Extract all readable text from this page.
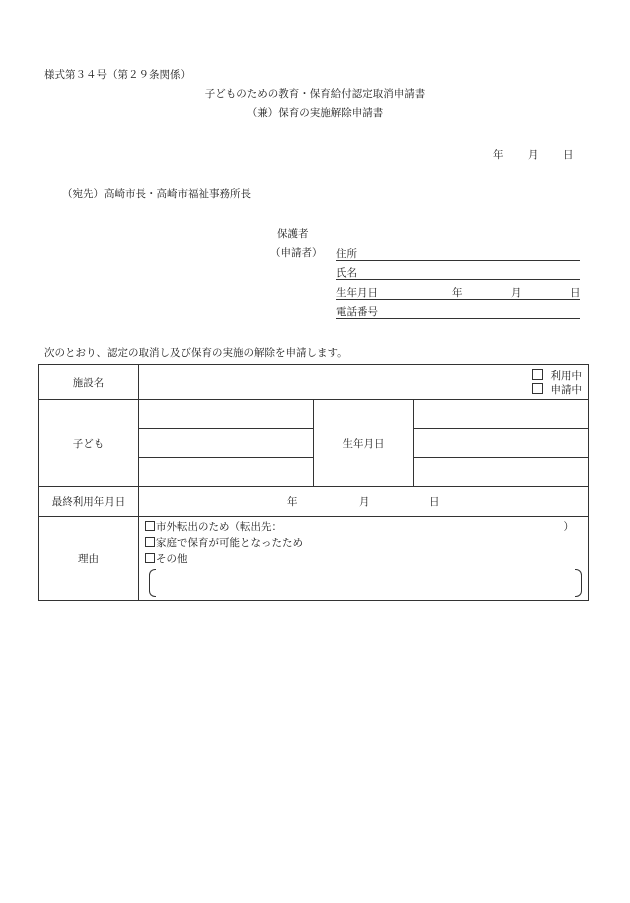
様式第３４号（第２９条関係）
子どものための教育・保育給付認定取消申請書
（兼）保育の実施解除申請書
年 月 日
（宛先）高崎市長・高崎市福祉事務所長
保護者
（申請者） 住所
氏名
生年月日	年	月	日
電話番号
次のとおり、認定の取消し及び保育の実施の解除を申請します。
施設名	利用中
申請中		

子ども		生年月日	

最終利用年月日	年 月 日		

理由	市外転出のため（転出先： ）
家庭で保育が可能となったため
その他		
